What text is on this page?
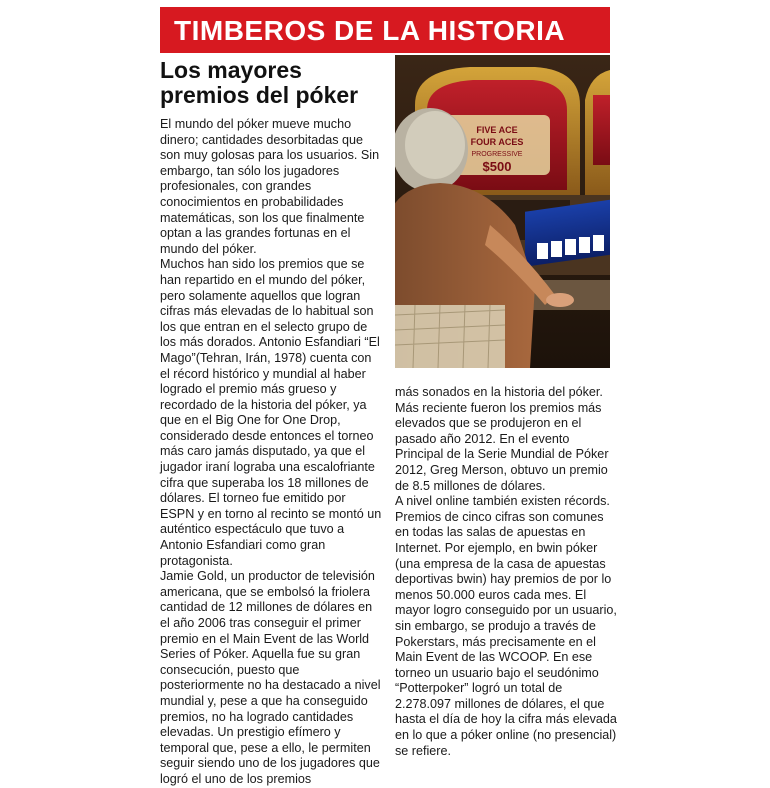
TIMBEROS DE LA HISTORIA
Los mayores premios del póker
FIVE ACE
FOUR ACES
PROGRESSIVE
$500

El mundo del póker mueve mucho dinero; cantidades desorbitadas que son muy golosas para los usuarios. Sin embargo, tan sólo los jugadores profesionales, con grandes conocimientos en probabilidades matemáticas, son los que finalmente optan a las grandes fortunas en el mundo del póker.

Muchos han sido los premios que se han repartido en el mundo del póker, pero solamente aquellos que logran cifras más elevadas de lo habitual son los que entran en el selecto grupo de los más dorados. Antonio Esfandiari “El Mago”(Tehran, Irán, 1978) cuenta con el récord histórico y mundial al haber logrado el premio más grueso y recordado de la historia del póker, ya que en el Big One for One Drop, considerado desde entonces el torneo más caro jamás disputado, ya que el jugador iraní lograba una escalofriante cifra que superaba los 18 millones de dólares. El torneo fue emitido por ESPN y en torno al recinto se montó un auténtico espectáculo que tuvo a Antonio Esfandiari como gran protagonista.

Jamie Gold, un productor de televisión americana, que se embolsó la friolera cantidad de 12 millones de dólares en el año 2006 tras conseguir el primer premio en el Main Event de las World Series of Póker. Aquella fue su gran consecución, puesto que posteriormente no ha destacado a nivel mundial y, pese a que ha conseguido premios, no ha logrado cantidades elevadas. Un prestigio efímero y temporal que, pese a ello, le permiten seguir siendo uno de los jugadores que logró el uno de los premios

más sonados en la historia del póker. Más reciente fueron los premios más elevados que se produjeron en el pasado año 2012. En el evento Principal de la Serie Mundial de Póker 2012, Greg Merson, obtuvo un premio de 8.5 millones de dólares.

A nivel online también existen récords. Premios de cinco cifras son comunes en todas las salas de apuestas en Internet. Por ejemplo, en bwin póker (una empresa de la casa de apuestas deportivas bwin) hay premios de por lo menos 50.000 euros cada mes. El mayor logro conseguido por un usuario, sin embargo, se produjo a través de Pokerstars, más precisamente en el Main Event de las WCOOP. En ese torneo un usuario bajo el seudónimo “Potterpoker” logró un total de 2.278.097 millones de dólares, el que hasta el día de hoy la cifra más elevada en lo que a póker online (no presencial) se refiere.
